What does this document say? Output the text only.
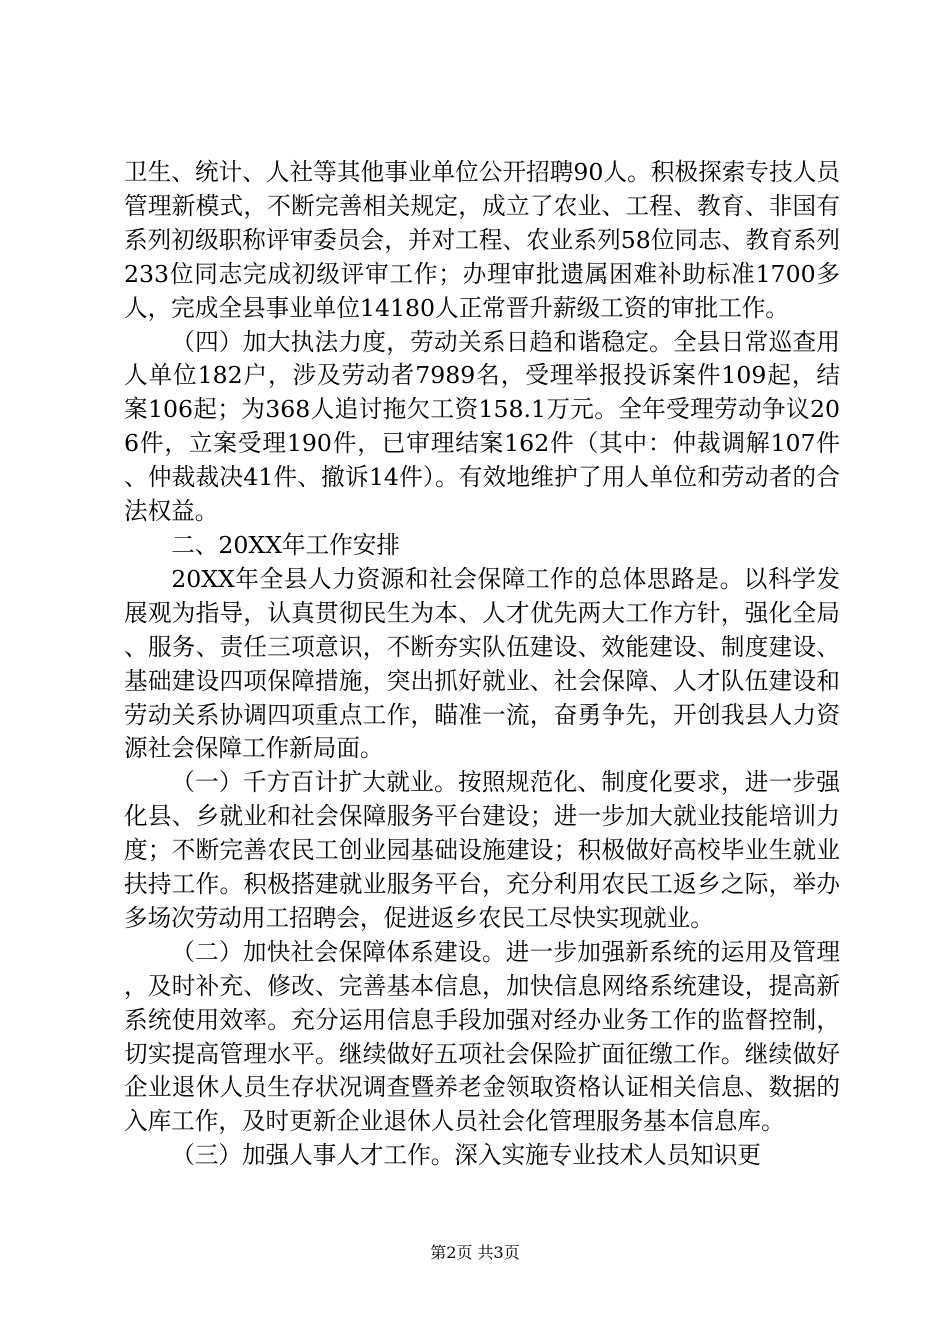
卫生、统计、人社等其他事业单位公开招聘90人。积极探索专技人员管理新模式，不断完善相关规定，成立了农业、工程、教育、非国有系列初级职称评审委员会，并对工程、农业系列58位同志、教育系列233位同志完成初级评审工作；办理审批遗属困难补助标准1700多人，完成全县事业单位14180人正常晋升薪级工资的审批工作。

（四）加大执法力度，劳动关系日趋和谐稳定。全县日常巡查用人单位182户，涉及劳动者7989名，受理举报投诉案件109起，结案106起；为368人追讨拖欠工资158.1万元。全年受理劳动争议206件，立案受理190件，已审理结案162件（其中：仲裁调解107件、仲裁裁决41件、撤诉14件）。有效地维护了用人单位和劳动者的合法权益。

二、20XX年工作安排

20XX年全县人力资源和社会保障工作的总体思路是。以科学发展观为指导，认真贯彻民生为本、人才优先两大工作方针，强化全局、服务、责任三项意识，不断夯实队伍建设、效能建设、制度建设、基础建设四项保障措施，突出抓好就业、社会保障、人才队伍建设和劳动关系协调四项重点工作，瞄准一流，奋勇争先，开创我县人力资源社会保障工作新局面。

（一）千方百计扩大就业。按照规范化、制度化要求，进一步强化县、乡就业和社会保障服务平台建设；进一步加大就业技能培训力度；不断完善农民工创业园基础设施建设；积极做好高校毕业生就业扶持工作。积极搭建就业服务平台，充分利用农民工返乡之际，举办多场次劳动用工招聘会，促进返乡农民工尽快实现就业。

（二）加快社会保障体系建设。进一步加强新系统的运用及管理，及时补充、修改、完善基本信息，加快信息网络系统建设，提高新系统使用效率。充分运用信息手段加强对经办业务工作的监督控制，切实提高管理水平。继续做好五项社会保险扩面征缴工作。继续做好企业退休人员生存状况调查暨养老金领取资格认证相关信息、数据的入库工作，及时更新企业退休人员社会化管理服务基本信息库。

（三）加强人事人才工作。深入实施专业技术人员知识更

第2页 共3页
